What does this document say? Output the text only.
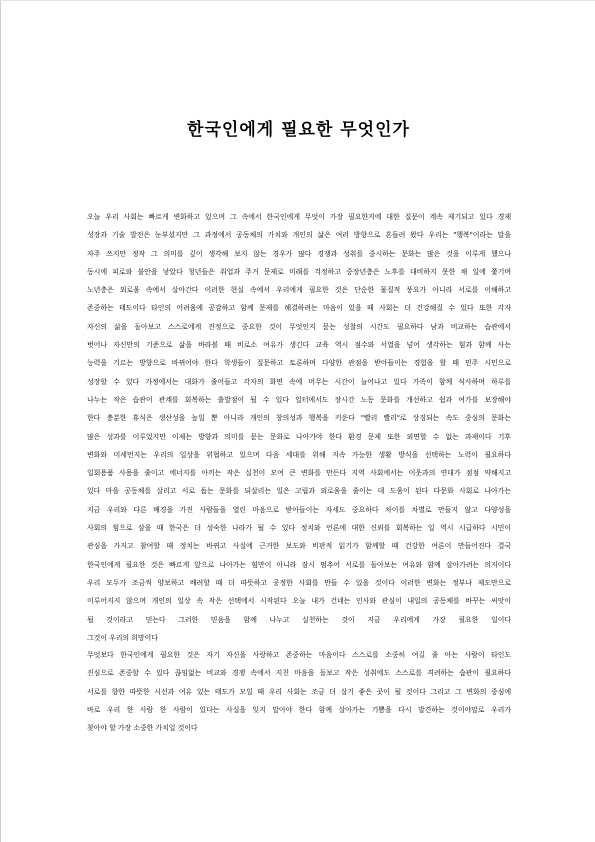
한국인에게 필요한 무엇인가

오늘 우리 사회는 빠르게 변화하고 있으며 그 속에서 한국인에게 무엇이 가장 필요한지에 대한 질문이 계속 제기되고 있다 경제

성장과 기술 발전은 눈부셨지만 그 과정에서 공동체의 가치와 개인의 삶은 여러 방향으로 흔들려 왔다 우리는 "행복"이라는 말을

자주 쓰지만 정작 그 의미를 깊이 생각해 보지 않는 경우가 많다 경쟁과 성취를 중시하는 문화는 많은 것을 이루게 했으나

동시에 피로와 불안을 낳았다 청년들은 취업과 주거 문제로 미래를 걱정하고 중장년층은 노후를 대비하지 못한 채 일에 쫓기며

노년층은 외로움 속에서 살아간다 이러한 현실 속에서 우리에게 필요한 것은 단순한 물질적 풍요가 아니라 서로를 이해하고

존중하는 태도이다 타인의 어려움에 공감하고 함께 문제를 해결하려는 마음이 있을 때 사회는 더 건강해질 수 있다 또한 각자

자신의 삶을 돌아보고 스스로에게 진정으로 중요한 것이 무엇인지 묻는 성찰의 시간도 필요하다 남과 비교하는 습관에서

벗어나 자신만의 기준으로 삶을 바라볼 때 비로소 여유가 생긴다 교육 역시 점수와 서열을 넘어 생각하는 힘과 함께 사는

능력을 기르는 방향으로 바뀌어야 한다 학생들이 질문하고 토론하며 다양한 관점을 받아들이는 경험을 할 때 민주 시민으로

성장할 수 있다 가정에서는 대화가 줄어들고 각자의 화면 속에 머무는 시간이 늘어나고 있다 가족이 함께 식사하며 하루를

나누는 작은 습관이 관계를 회복하는 출발점이 될 수 있다 일터에서도 장시간 노동 문화를 개선하고 쉼과 여가를 보장해야

한다 충분한 휴식은 생산성을 높일 뿐 아니라 개인의 창의성과 행복을 키운다 "빨리 빨리"로 상징되는 속도 중심의 문화는

많은 성과를 이루었지만 이제는 방향과 의미를 묻는 문화로 나아가야 한다 환경 문제 또한 외면할 수 없는 과제이다 기후

변화와 미세먼지는 우리의 일상을 위협하고 있으며 다음 세대를 위해 지속 가능한 생활 방식을 선택하는 노력이 필요하다

일회용품 사용을 줄이고 에너지를 아끼는 작은 실천이 모여 큰 변화를 만든다 지역 사회에서는 이웃과의 연대가 점점 약해지고

있다 마을 공동체를 살리고 서로 돕는 문화를 되살리는 일은 고립과 외로움을 줄이는 데 도움이 된다 다문화 사회로 나아가는

지금 우리와 다른 배경을 가진 사람들을 열린 마음으로 받아들이는 자세도 중요하다 차이를 차별로 만들지 않고 다양성을

사회의 힘으로 삼을 때 한국은 더 성숙한 나라가 될 수 있다 정치와 언론에 대한 신뢰를 회복하는 일 역시 시급하다 시민이

관심을 가지고 참여할 때 정치는 바뀌고 사실에 근거한 보도와 비판적 읽기가 함께할 때 건강한 여론이 만들어진다 결국

한국인에게 필요한 것은 빠르게 앞으로 나아가는 힘만이 아니라 잠시 멈추어 서로를 돌아보는 여유와 함께 살아가려는 의지이다

우리 모두가 조금씩 양보하고 배려할 때 더 따뜻하고 공정한 사회를 만들 수 있을 것이다 이러한 변화는 정부나 제도만으로

이루어지지 않으며 개인의 일상 속 작은 선택에서 시작된다 오늘 내가 건네는 인사와 관심이 내일의 공동체를 바꾸는 씨앗이

될 것이라고 믿는다 그러한 믿음을 함께 나누고 실천하는 것이 지금 우리에게 가장 필요한 일이다

그것이 우리의 희망이다

무엇보다 한국인에게 필요한 것은 자기 자신을 사랑하고 존중하는 마음이다 스스로를 소중히 여길 줄 아는 사람이 타인도

진심으로 존중할 수 있다 끊임없는 비교와 경쟁 속에서 지친 마음을 돌보고 작은 성취에도 스스로를 격려하는 습관이 필요하다

서로를 향한 따뜻한 시선과 여유 있는 태도가 모일 때 우리 사회는 조금 더 살기 좋은 곳이 될 것이다 그리고 그 변화의 중심에

바로 우리 한 사람 한 사람이 있다는 사실을 잊지 말아야 한다 함께 살아가는 기쁨을 다시 발견하는 것이야말로 우리가

찾아야 할 가장 소중한 가치일 것이다
